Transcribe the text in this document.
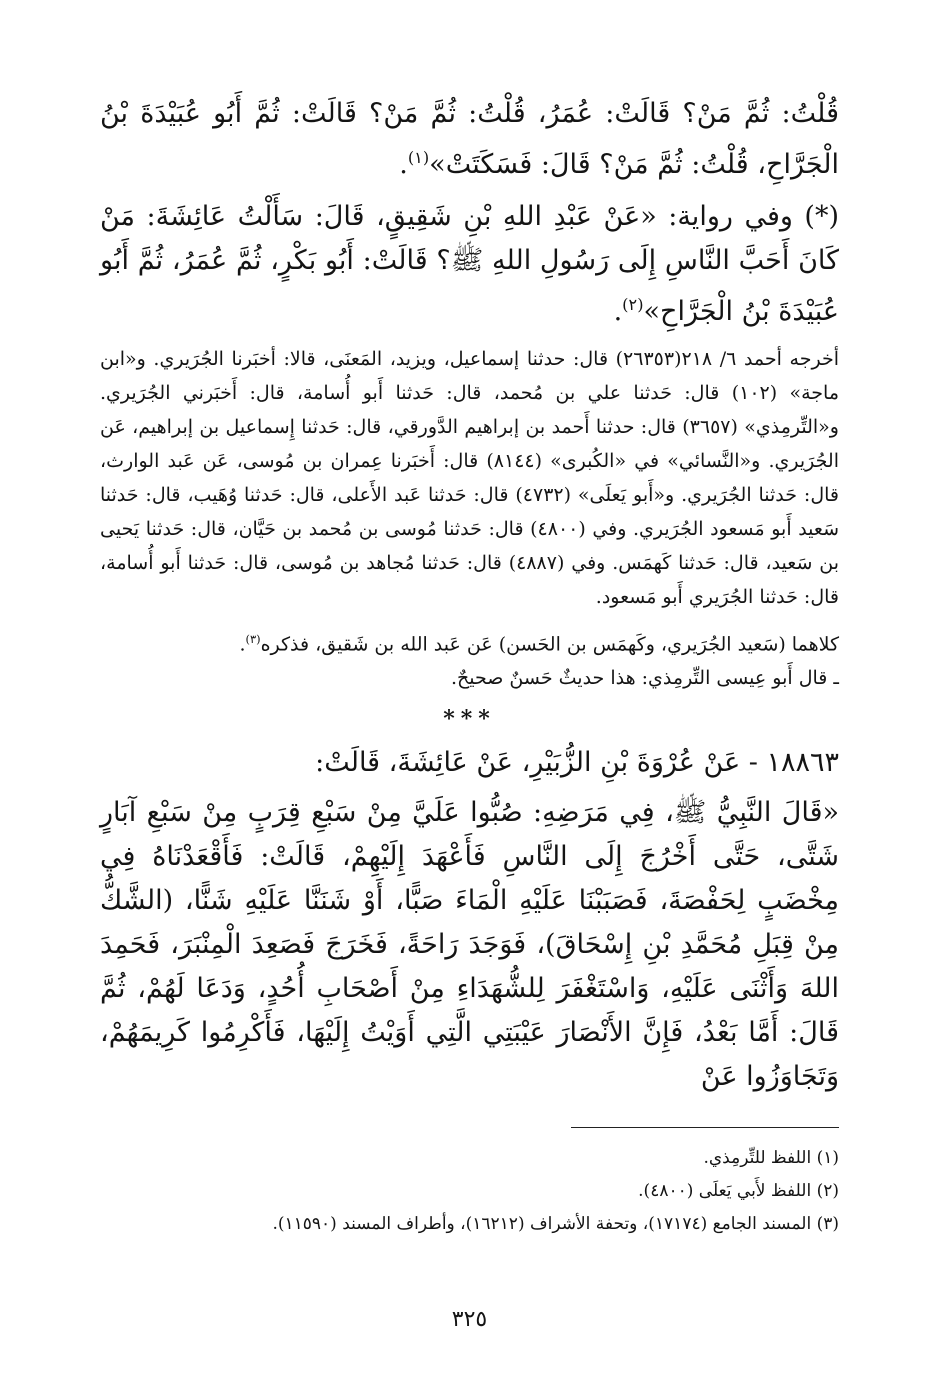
قُلْتُ: ثُمَّ مَنْ؟ قَالَتْ: عُمَرُ، قُلْتُ: ثُمَّ مَنْ؟ قَالَتْ: ثُمَّ أَبُو عُبَيْدَةَ بْنُ الْجَرَّاحِ، قُلْتُ: ثُمَّ مَنْ؟ قَالَ: فَسَكَتَتْ»$^{(١)}$.

(*) وفي رواية: «عَنْ عَبْدِ اللهِ بْنِ شَقِيقٍ، قَالَ: سَأَلْتُ عَائِشَةَ: مَنْ كَانَ أَحَبَّ النَّاسِ إِلَى رَسُولِ اللهِ ﷺ؟ قَالَتْ: أَبُو بَكْرٍ، ثُمَّ عُمَرُ، ثُمَّ أَبُو عُبَيْدَةَ بْنُ الْجَرَّاحِ»$^{(٢)}$.

أخرجه أحمد ٦/ ٢١٨(٢٦٣٥٣) قال: حدثنا إسماعيل، ويزيد، المَعنَى، قالا: أخبَرنا الجُرَيري. و«ابن ماجة» (١٠٢) قال: حَدثنا علي بن مُحمد، قال: حَدثنا أَبو أُسامة، قال: أَخبَرني الجُرَيري. و«التِّرمِذي» (٣٦٥٧) قال: حدثنا أَحمد بن إبراهيم الدَّورقي، قال: حَدثنا إِسماعيل بن إبراهيم، عَن الجُرَيري. و«النَّسائي» في «الكُبرى» (٨١٤٤) قال: أَخبَرنا عِمران بن مُوسى، عَن عَبد الوارث، قال: حَدثنا الجُرَيري. و«أَبو يَعلَى» (٤٧٣٢) قال: حَدثنا عَبد الأَعلى، قال: حَدثنا وُهَيب، قال: حَدثنا سَعيد أَبو مَسعود الجُرَيري. وفي (٤٨٠٠) قال: حَدثنا مُوسى بن مُحمد بن حَيَّان، قال: حَدثنا يَحيى بن سَعيد، قال: حَدثنا كَهمَس. وفي (٤٨٨٧) قال: حَدثنا مُجاهد بن مُوسى، قال: حَدثنا أَبو أُسامة، قال: حَدثنا الجُرَيري أَبو مَسعود.

كلاهما (سَعيد الجُرَيري، وكَهمَس بن الحَسن) عَن عَبد الله بن شَقيق، فذكره$^{(٣)}$.

ـ قال أَبو عِيسى التِّرمِذي: هذا حديثٌ حَسنٌ صحيحٌ.

***

١٨٨٦٣ - عَنْ عُرْوَةَ بْنِ الزُّبَيْرِ، عَنْ عَائِشَةَ، قَالَتْ:

«قَالَ النَّبِيُّ ﷺ، فِي مَرَضِهِ: صُبُّوا عَلَيَّ مِنْ سَبْعِ قِرَبٍ مِنْ سَبْعِ آبَارٍ شَتَّى، حَتَّى أَخْرُجَ إِلَى النَّاسِ فَأَعْهَدَ إِلَيْهِمْ، قَالَتْ: فَأَقْعَدْنَاهُ فِي مِخْضَبٍ لِحَفْصَةَ، فَصَبَبْنَا عَلَيْهِ الْمَاءَ صَبًّا، أَوْ شَنَنَّا عَلَيْهِ شَنًّا، (الشَّكُّ مِنْ قِبَلِ مُحَمَّدِ بْنِ إِسْحَاقَ)، فَوَجَدَ رَاحَةً، فَخَرَجَ فَصَعِدَ الْمِنْبَرَ، فَحَمِدَ اللهَ وَأَثْنَى عَلَيْهِ، وَاسْتَغْفَرَ لِلشُّهَدَاءِ مِنْ أَصْحَابِ أُحُدٍ، وَدَعَا لَهُمْ، ثُمَّ قَالَ: أَمَّا بَعْدُ، فَإِنَّ الأَنْصَارَ عَيْبَتِي الَّتِي أَوَيْتُ إِلَيْهَا، فَأَكْرِمُوا كَرِيمَهُمْ، وَتَجَاوَزُوا عَنْ

(١) اللفظ للتِّرمِذي.

(٢) اللفظ لأَبي يَعلَى (٤٨٠٠).

(٣) المسند الجامع (١٧١٧٤)، وتحفة الأشراف (١٦٢١٢)، وأطراف المسند (١١٥٩٠).

٣٢٥
